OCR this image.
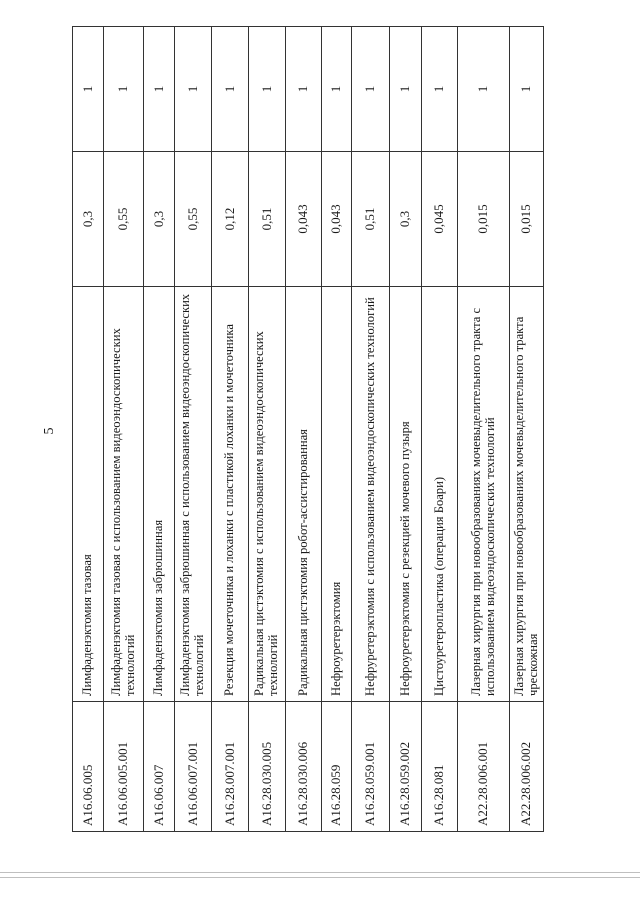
5
A16.06.005	Лимфаденэктомия тазовая	0,3	1
A16.06.005.001	Лимфаденэктомия тазовая с использованием видеоэндоскопических технологий	0,55	1
A16.06.007	Лимфаденэктомия забрюшинная	0,3	1
A16.06.007.001	Лимфаденэктомия забрюшинная с использованием видеоэндоскопических технологий	0,55	1
A16.28.007.001	Резекция мочеточника и лоханки с пластикой лоханки и мочеточника	0,12	1
A16.28.030.005	Радикальная цистэктомия с использованием видеоэндоскопических технологий	0,51	1
A16.28.030.006	Радикальная цистэктомия робот-ассистированная	0,043	1
A16.28.059	Нефроуретерэктомия	0,043	1
A16.28.059.001	Нефруретерэктомия с использованием видеоэндоскопических технологий	0,51	1
A16.28.059.002	Нефроуретерэктомия с резекцией мочевого пузыря	0,3	1
A16.28.081	Цистоуретеропластика (операция Боари)	0,045	1
A22.28.006.001	Лазерная хирургия при новообразованиях мочевыделительного тракта с использованием видеоэндоскопических технологий	0,015	1
A22.28.006.002	Лазерная хирургия при новообразованиях мочевыделительного тракта чрескожная	0,015	1
